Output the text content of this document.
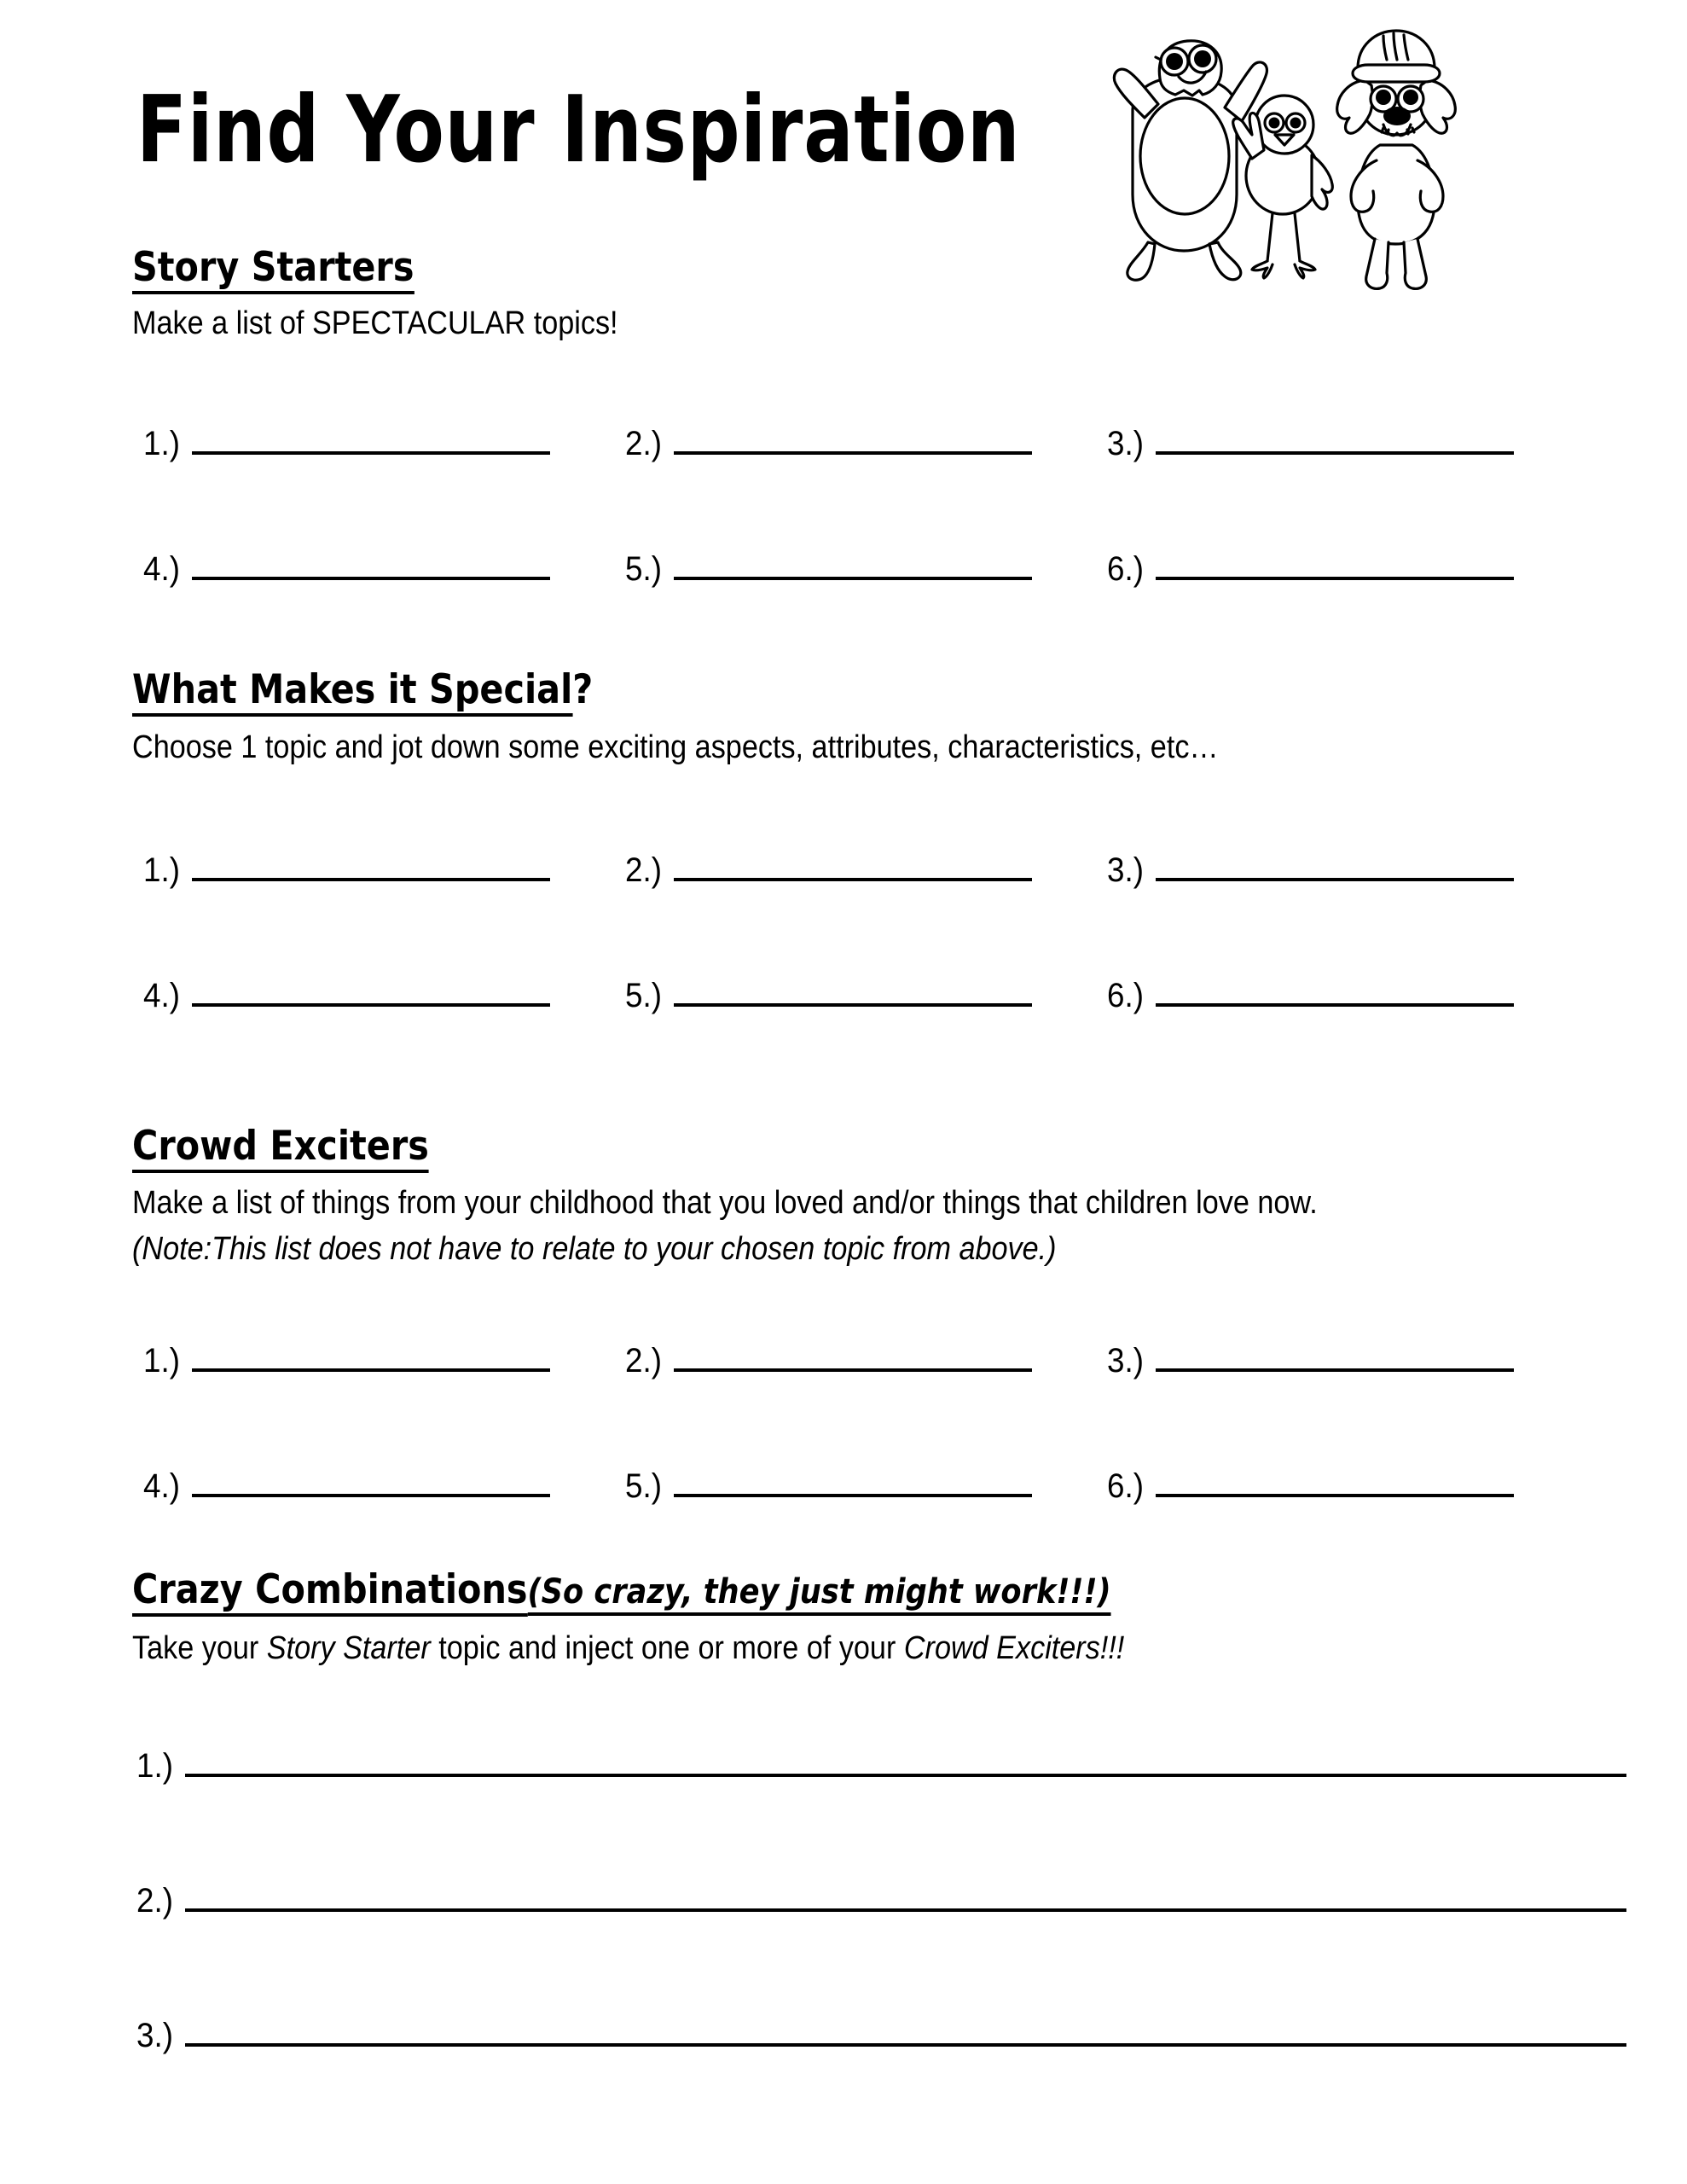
Find Your Inspiration
Story Starters
Make a list of SPECTACULAR topics!
1.)	2.)	3.)
4.)	5.)	6.)
What Makes it Special?
Choose 1 topic and jot down some exciting aspects, attributes, characteristics, etc…
1.)	2.)	3.)
4.)	5.)	6.)
Crowd Exciters
Make a list of things from your childhood that you loved and/or things that children love now.
(Note:This list does not have to relate to your chosen topic from above.)
1.)	2.)	3.)
4.)	5.)	6.)
Crazy Combinations(So crazy, they just might work!!!)
Take your Story Starter topic and inject one or more of your Crowd Exciters!!!
1.)
2.)
3.)
